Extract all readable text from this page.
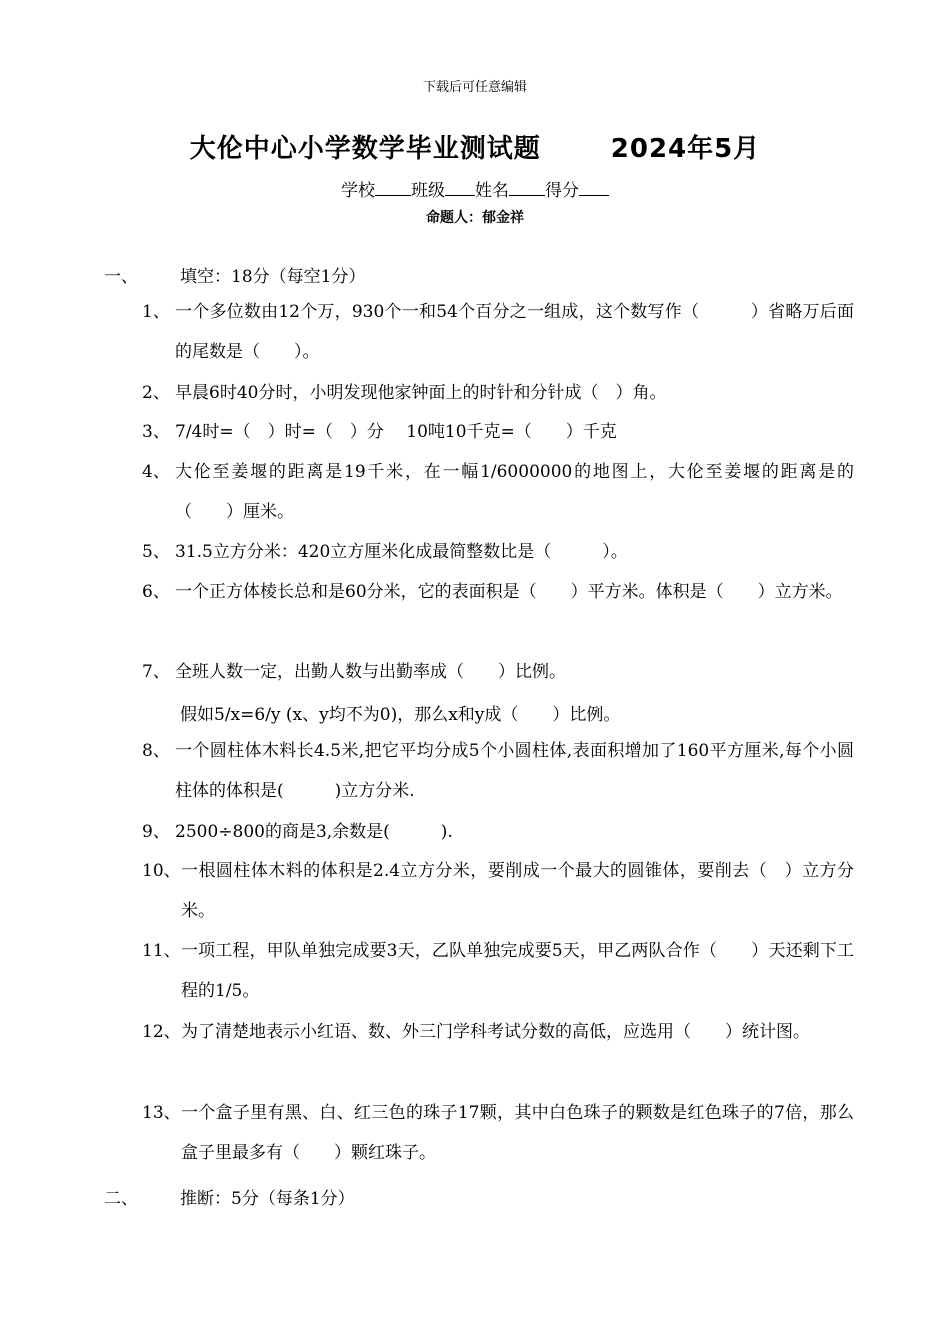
下载后可任意编辑
大伦中心小学数学毕业测试题	2024年5月
学校 班级 姓名 得分
命题人：郁金祥
一、 填空：18分（每空1分）
1、 一个多位数由12个万，930个一和54个百分之一组成，这个数写作（　　　）省略万后面的尾数是（　　）。
2、 早晨6时40分时，小明发现他家钟面上的时针和分针成（　）角。
3、 7/4时=（　）时=（　）分　 10吨10千克=（　　）千克
4、 大伦至姜堰的距离是19千米，在一幅1/6000000的地图上，大伦至姜堰的距离是的（　　）厘米。
5、 31.5立方分米：420立方厘米化成最简整数比是（　　　）。
6、 一个正方体棱长总和是60分米，它的表面积是（　　）平方米。体积是（　　）立方米。
7、 全班人数一定，出勤人数与出勤率成（　　）比例。
假如5/x=6/y (x、y均不为0)，那么x和y成（　　）比例。
8、 一个圆柱体木料长4.5米,把它平均分成5个小圆柱体,表面积增加了160平方厘米,每个小圆柱体的体积是(　　　)立方分米.
9、 2500÷800的商是3,余数是(　　　).
10、 一根圆柱体木料的体积是2.4立方分米，要削成一个最大的圆锥体，要削去（　）立方分米。
11、 一项工程，甲队单独完成要3天，乙队单独完成要5天，甲乙两队合作（　　）天还剩下工程的1/5。
12、 为了清楚地表示小红语、数、外三门学科考试分数的高低，应选用（　　）统计图。
13、 一个盒子里有黑、白、红三色的珠子17颗，其中白色珠子的颗数是红色珠子的7倍，那么盒子里最多有（　　）颗红珠子。
二、 推断：5分（每条1分）
